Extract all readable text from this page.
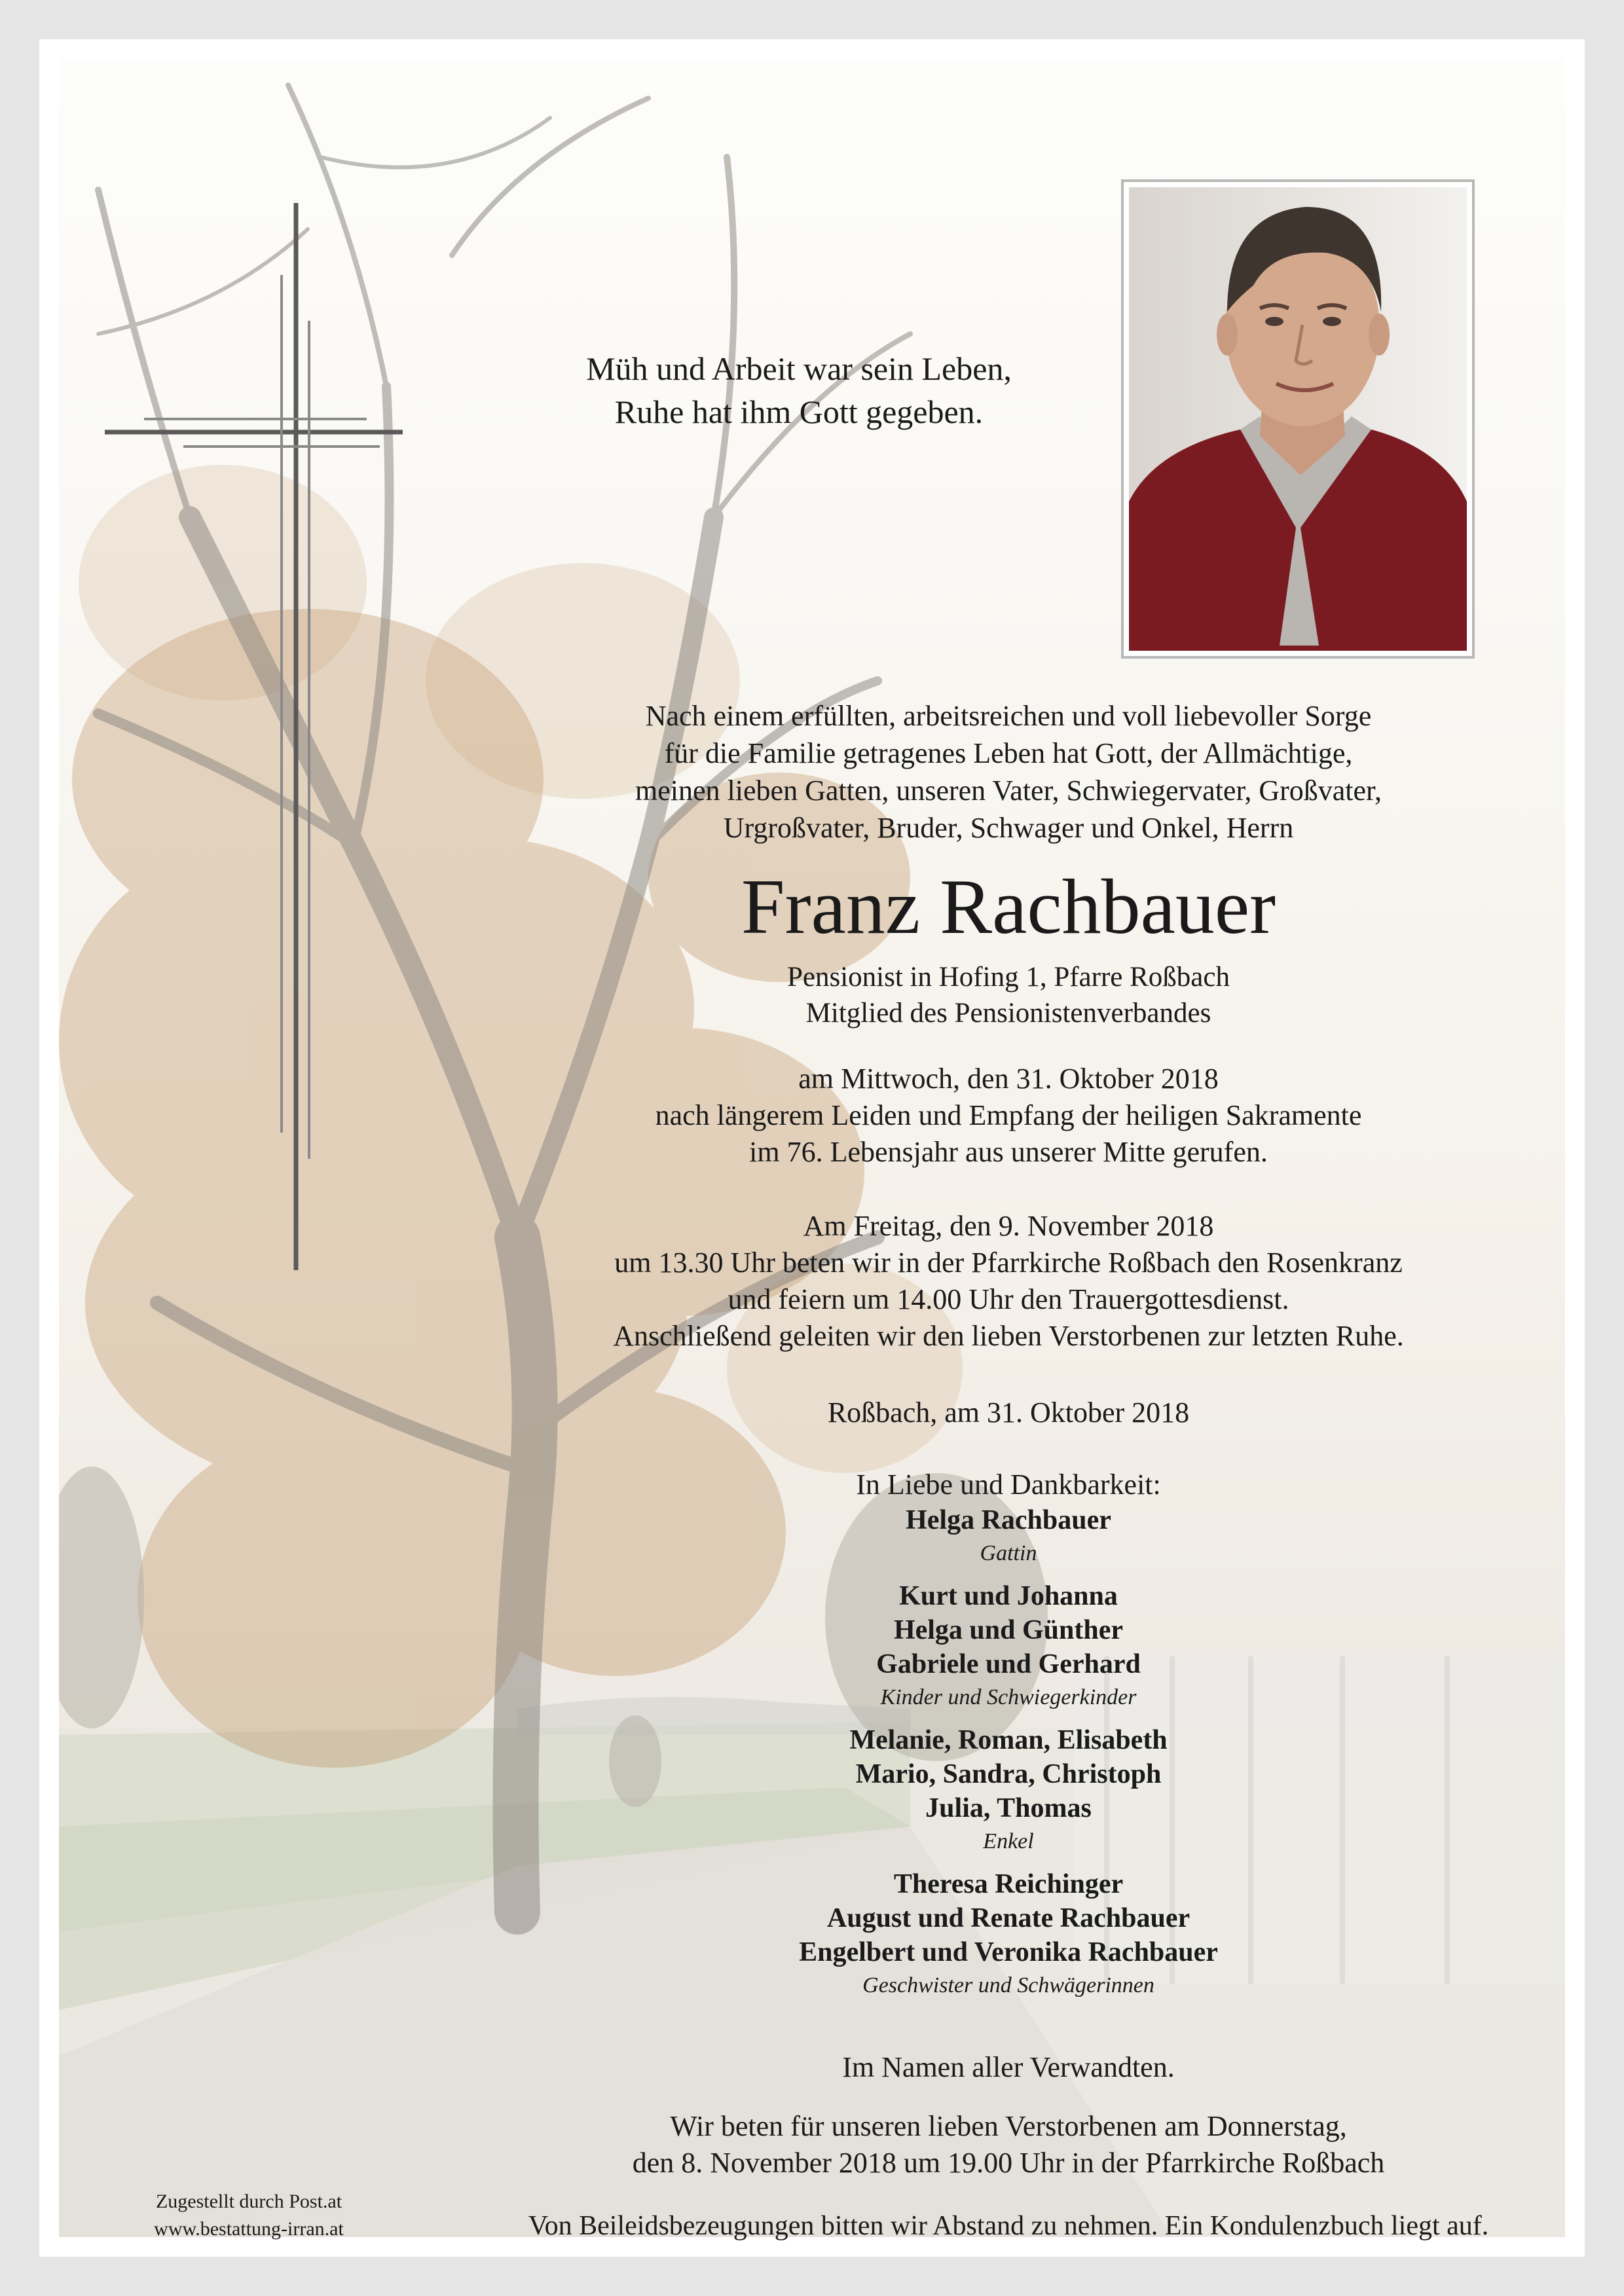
Müh und Arbeit war sein Leben,
Ruhe hat ihm Gott gegeben.
Nach einem erfüllten, arbeitsreichen und voll liebevoller Sorge
für die Familie getragenes Leben hat Gott, der Allmächtige,
meinen lieben Gatten, unseren Vater, Schwiegervater, Großvater,
Urgroßvater, Bruder, Schwager und Onkel, Herrn
Franz Rachbauer
Pensionist in Hofing 1, Pfarre Roßbach
Mitglied des Pensionistenverbandes
am Mittwoch, den 31. Oktober 2018
nach längerem Leiden und Empfang der heiligen Sakramente
im 76. Lebensjahr aus unserer Mitte gerufen.
Am Freitag, den 9. November 2018
um 13.30 Uhr beten wir in der Pfarrkirche Roßbach den Rosenkranz
und feiern um 14.00 Uhr den Trauergottesdienst.
Anschließend geleiten wir den lieben Verstorbenen zur letzten Ruhe.
Roßbach, am 31. Oktober 2018
In Liebe und Dankbarkeit:
Helga Rachbauer
Gattin
Kurt und Johanna
Helga und Günther
Gabriele und Gerhard
Kinder und Schwiegerkinder
Melanie, Roman, Elisabeth
Mario, Sandra, Christoph
Julia, Thomas
Enkel
Theresa Reichinger
August und Renate Rachbauer
Engelbert und Veronika Rachbauer
Geschwister und Schwägerinnen
Im Namen aller Verwandten.
Wir beten für unseren lieben Verstorbenen am Donnerstag,
den 8. November 2018 um 19.00 Uhr in der Pfarrkirche Roßbach
Von Beileidsbezeugungen bitten wir Abstand zu nehmen. Ein Kondulenzbuch liegt auf.
Zugestellt durch Post.at
www.bestattung-irran.at
